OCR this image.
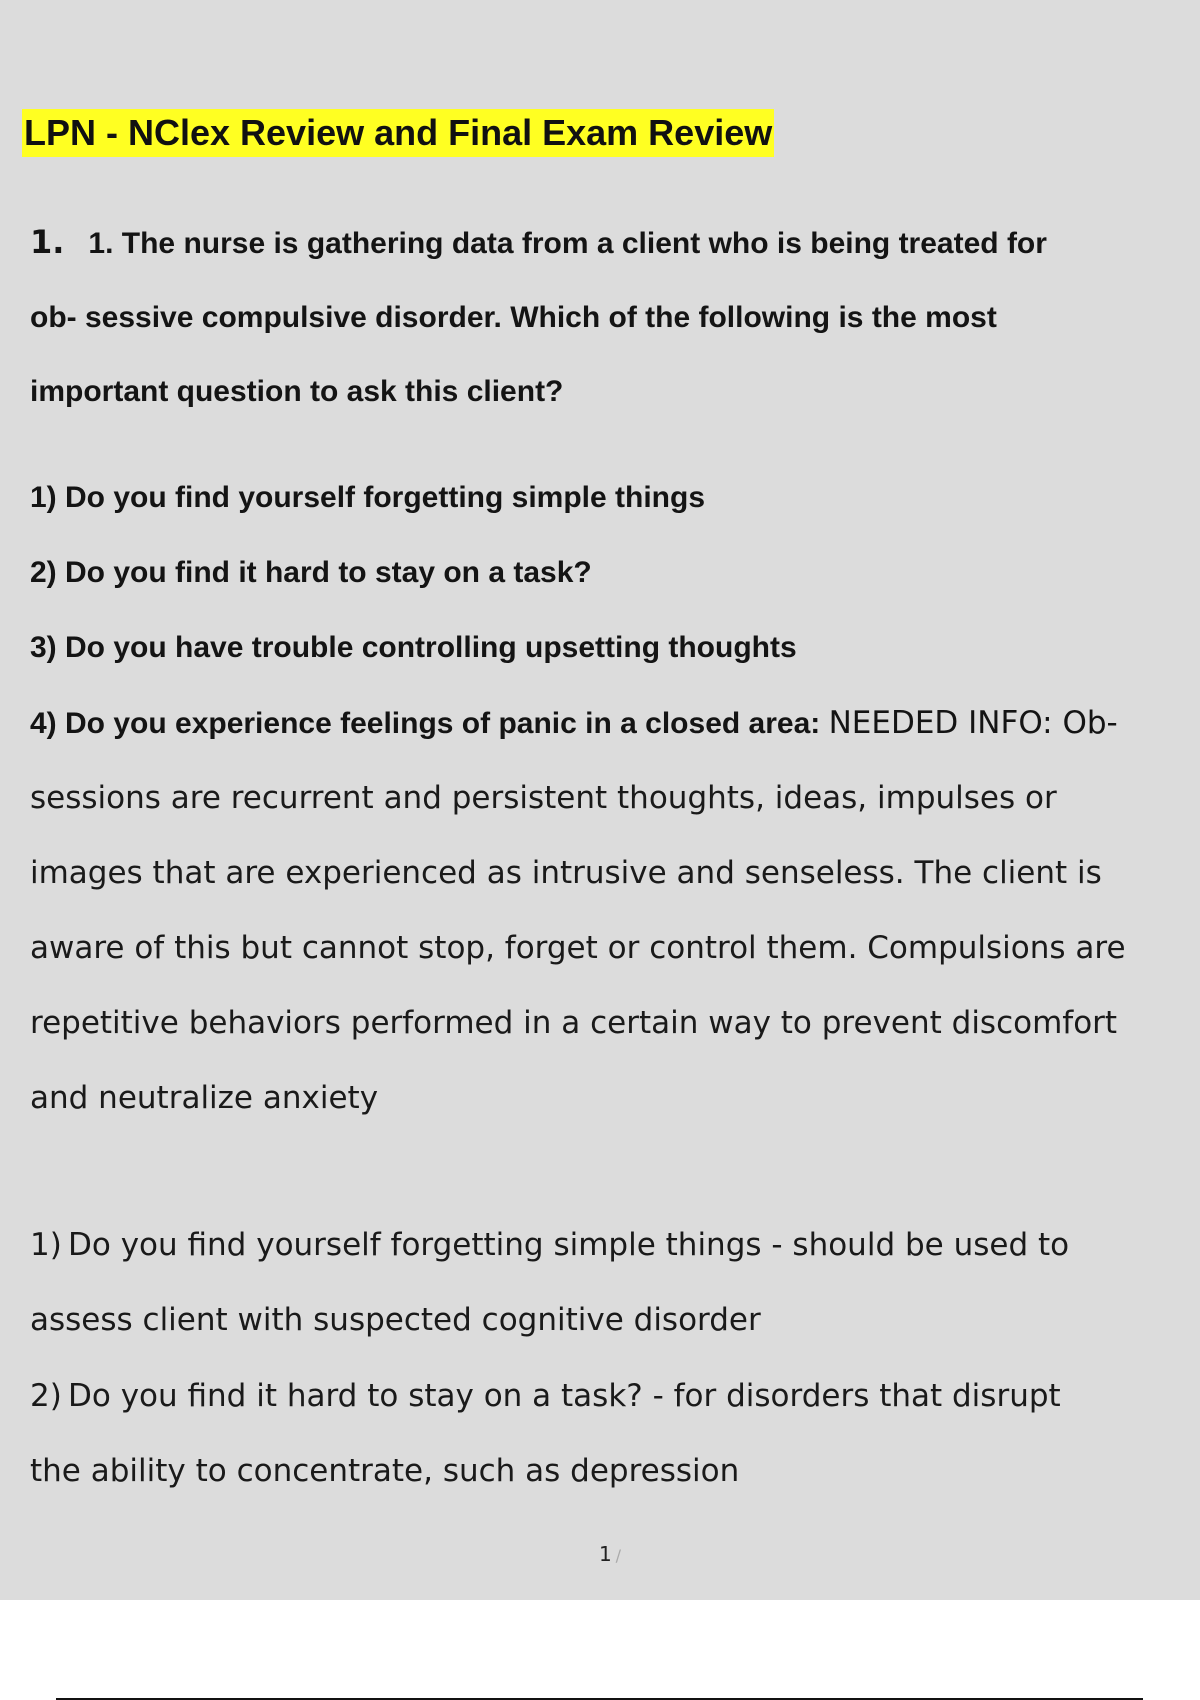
LPN - NClex Review and Final Exam Review
1. 1. The nurse is gathering data from a client who is being treated for
ob- sessive compulsive disorder. Which of the following is the most
important question to ask this client?
1) Do you find yourself forgetting simple things
2) Do you find it hard to stay on a task?
3) Do you have trouble controlling upsetting thoughts
4) Do you experience feelings of panic in a closed area: NEEDED INFO: Ob-
sessions are recurrent and persistent thoughts, ideas, impulses or
images that are experienced as intrusive and senseless. The client is
aware of this but cannot stop, forget or control them. Compulsions are
repetitive behaviors performed in a certain way to prevent discomfort
and neutralize anxiety
1) Do you find yourself forgetting simple things - should be used to
assess client with suspected cognitive disorder
2) Do you find it hard to stay on a task? - for disorders that disrupt
the ability to concentrate, such as depression
1 /
